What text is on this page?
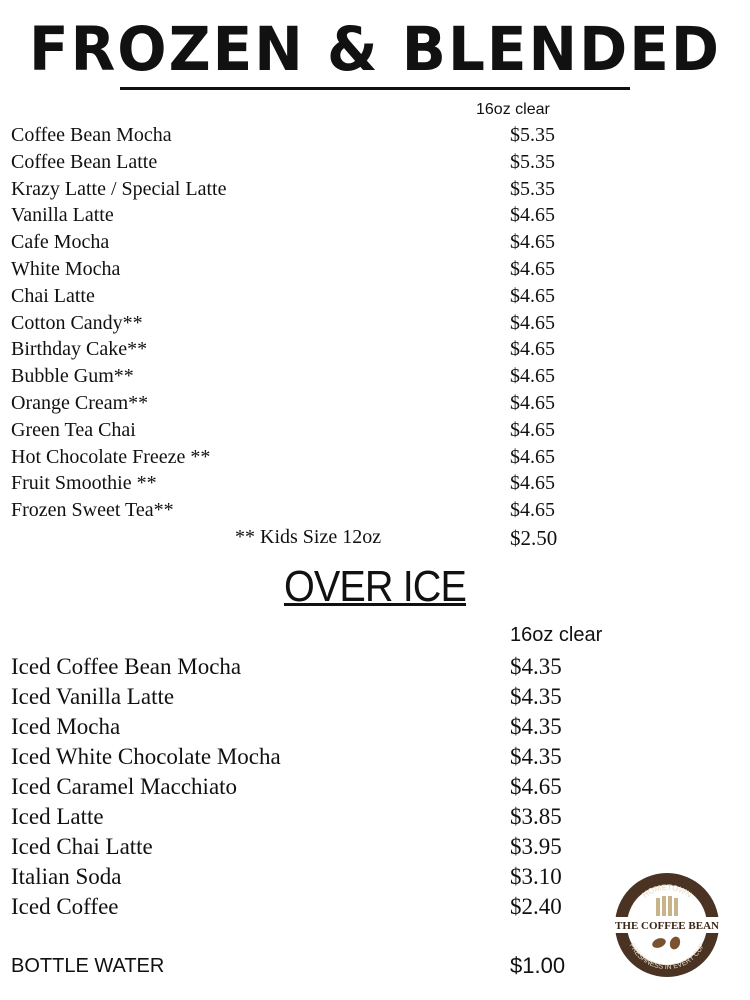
FROZEN & BLENDED
16oz clear
Coffee Bean Mocha	$5.35
Coffee Bean Latte	$5.35
Krazy Latte / Special Latte	$5.35
Vanilla Latte	$4.65
Cafe Mocha	$4.65
White Mocha	$4.65
Chai Latte	$4.65
Cotton Candy**	$4.65
Birthday Cake**	$4.65
Bubble Gum**	$4.65
Orange Cream**	$4.65
Green Tea Chai	$4.65
Hot Chocolate Freeze **	$4.65
Fruit Smoothie **	$4.65
Frozen Sweet Tea**	$4.65
** Kids Size 12oz	$2.50
OVER ICE
16oz clear
Iced Coffee Bean Mocha	$4.35
Iced Vanilla Latte	$4.35
Iced Mocha	$4.35
Iced White Chocolate Mocha	$4.35
Iced Caramel Macchiato	$4.65
Iced Latte	$3.85
Iced Chai Latte	$3.95
Italian Soda	$3.10
Iced Coffee	$2.40
BOTTLE WATER	$1.00
HOMETOWN
THE COFFEE BEAN
FRESHNESS IN EVERY CUP
